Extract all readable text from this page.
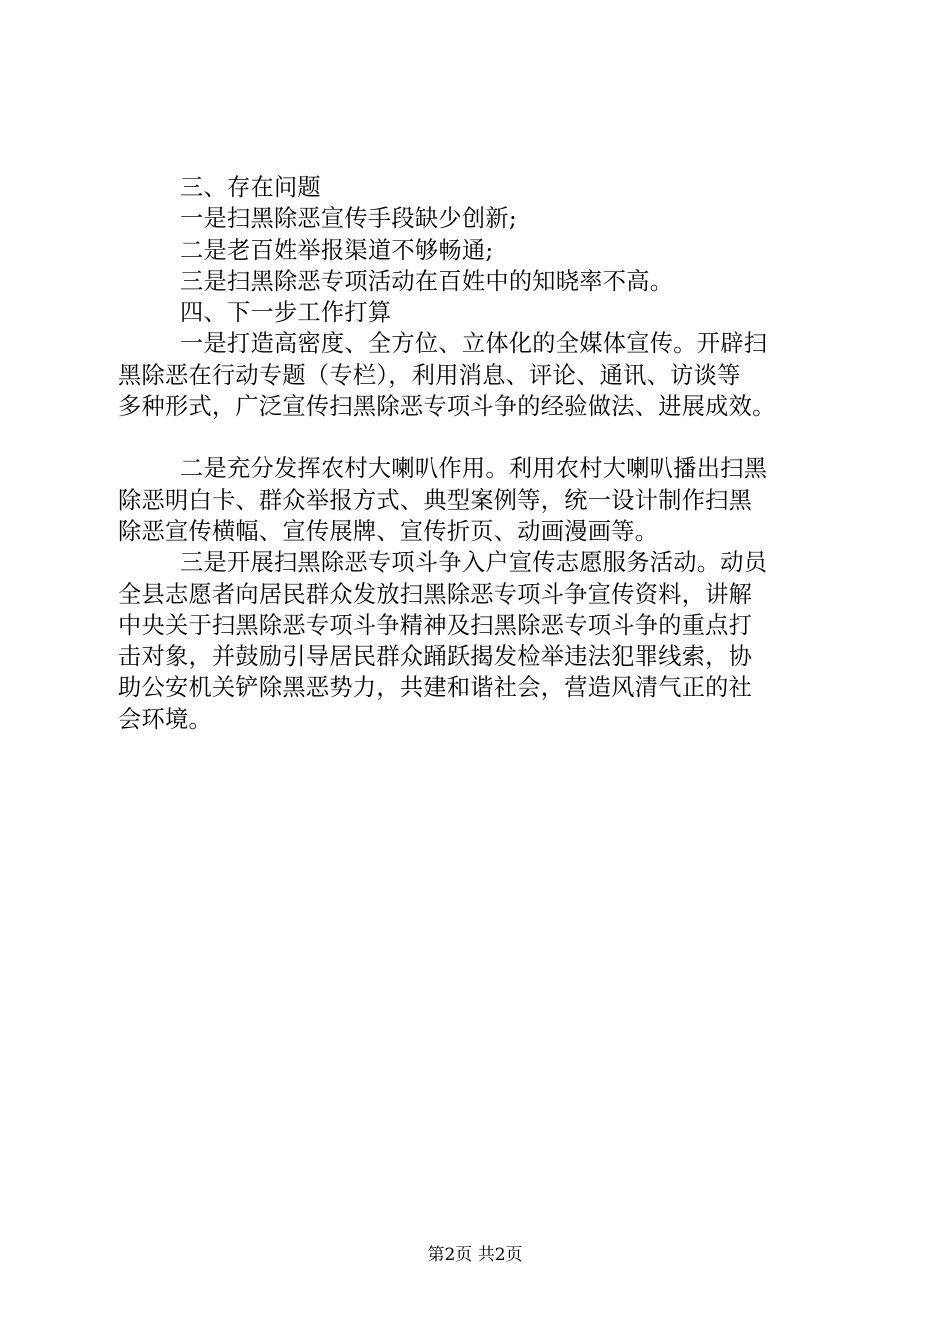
三、存在问题
一是扫黑除恶宣传手段缺少创新;
二是老百姓举报渠道不够畅通;
三是扫黑除恶专项活动在百姓中的知晓率不高。
四、下一步工作打算
一是打造高密度、全方位、立体化的全媒体宣传。开辟扫
黑除恶在行动专题（专栏），利用消息、评论、通讯、访谈等
多种形式，广泛宣传扫黑除恶专项斗争的经验做法、进展成效。
二是充分发挥农村大喇叭作用。利用农村大喇叭播出扫黑
除恶明白卡、群众举报方式、典型案例等，统一设计制作扫黑
除恶宣传横幅、宣传展牌、宣传折页、动画漫画等。
三是开展扫黑除恶专项斗争入户宣传志愿服务活动。动员
全县志愿者向居民群众发放扫黑除恶专项斗争宣传资料，讲解
中央关于扫黑除恶专项斗争精神及扫黑除恶专项斗争的重点打
击对象，并鼓励引导居民群众踊跃揭发检举违法犯罪线索，协
助公安机关铲除黑恶势力，共建和谐社会，营造风清气正的社
会环境。
第2页 共2页
